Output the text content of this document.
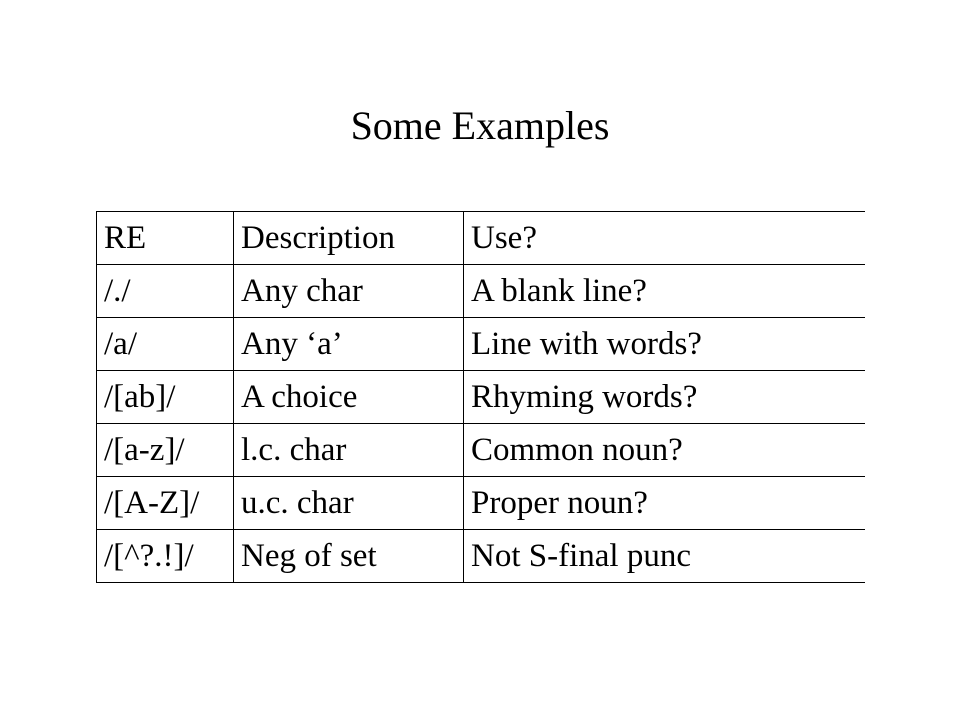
Some Examples
RE	Description	Use?
/./	Any char	A blank line?
/a/	Any ‘a’	Line with words?
/[ab]/	A choice	Rhyming words?
/[a-z]/	l.c. char	Common noun?
/[A-Z]/	u.c. char	Proper noun?
/[^?.!]/	Neg of set	Not S-final punc
